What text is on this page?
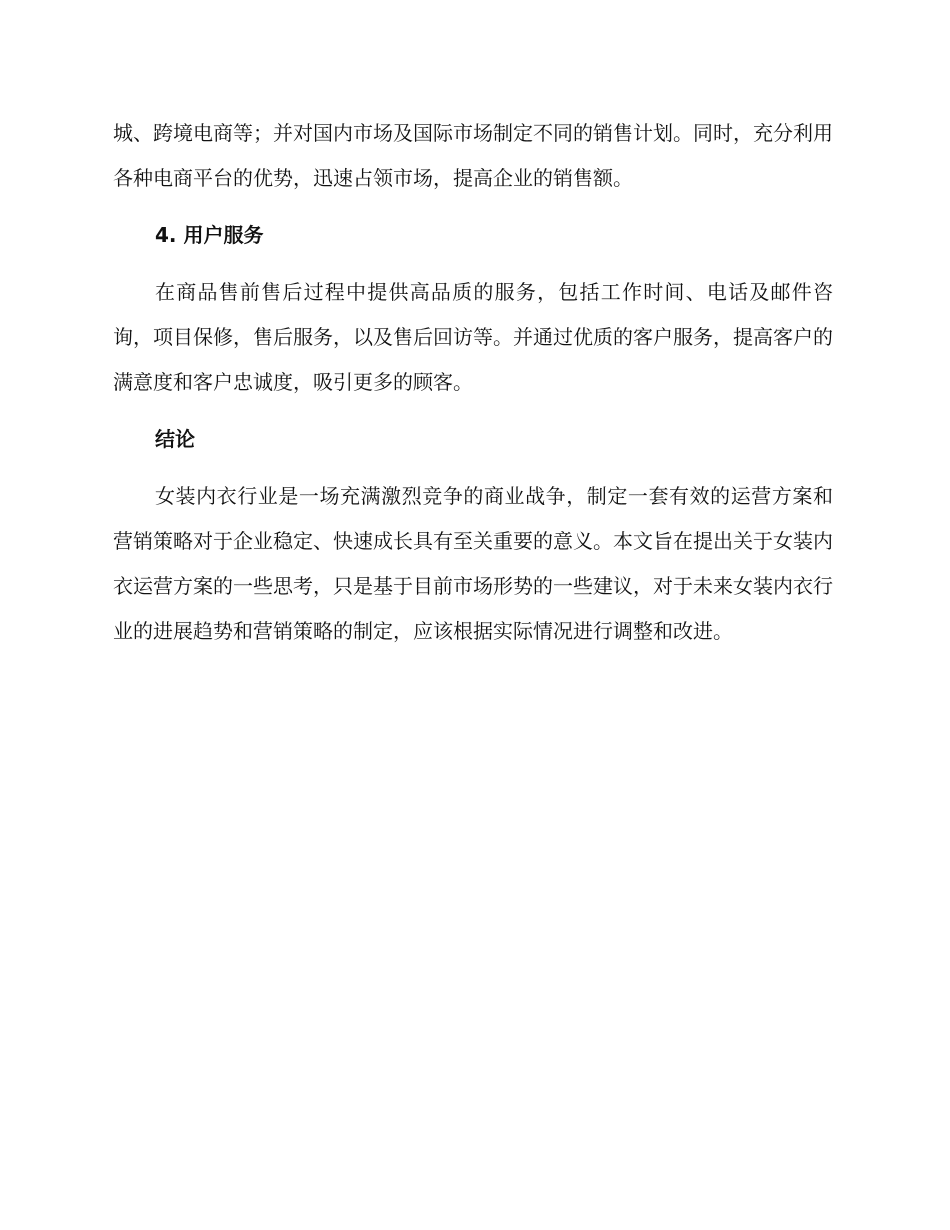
城、跨境电商等；并对国内市场及国际市场制定不同的销售计划。同时，充分利用各种电商平台的优势，迅速占领市场，提高企业的销售额。

4. 用户服务

在商品售前售后过程中提供高品质的服务，包括工作时间、电话及邮件咨询，项目保修，售后服务，以及售后回访等。并通过优质的客户服务，提高客户的满意度和客户忠诚度，吸引更多的顾客。

结论

女装内衣行业是一场充满激烈竞争的商业战争，制定一套有效的运营方案和营销策略对于企业稳定、快速成长具有至关重要的意义。本文旨在提出关于女装内衣运营方案的一些思考，只是基于目前市场形势的一些建议，对于未来女装内衣行业的进展趋势和营销策略的制定，应该根据实际情况进行调整和改进。
